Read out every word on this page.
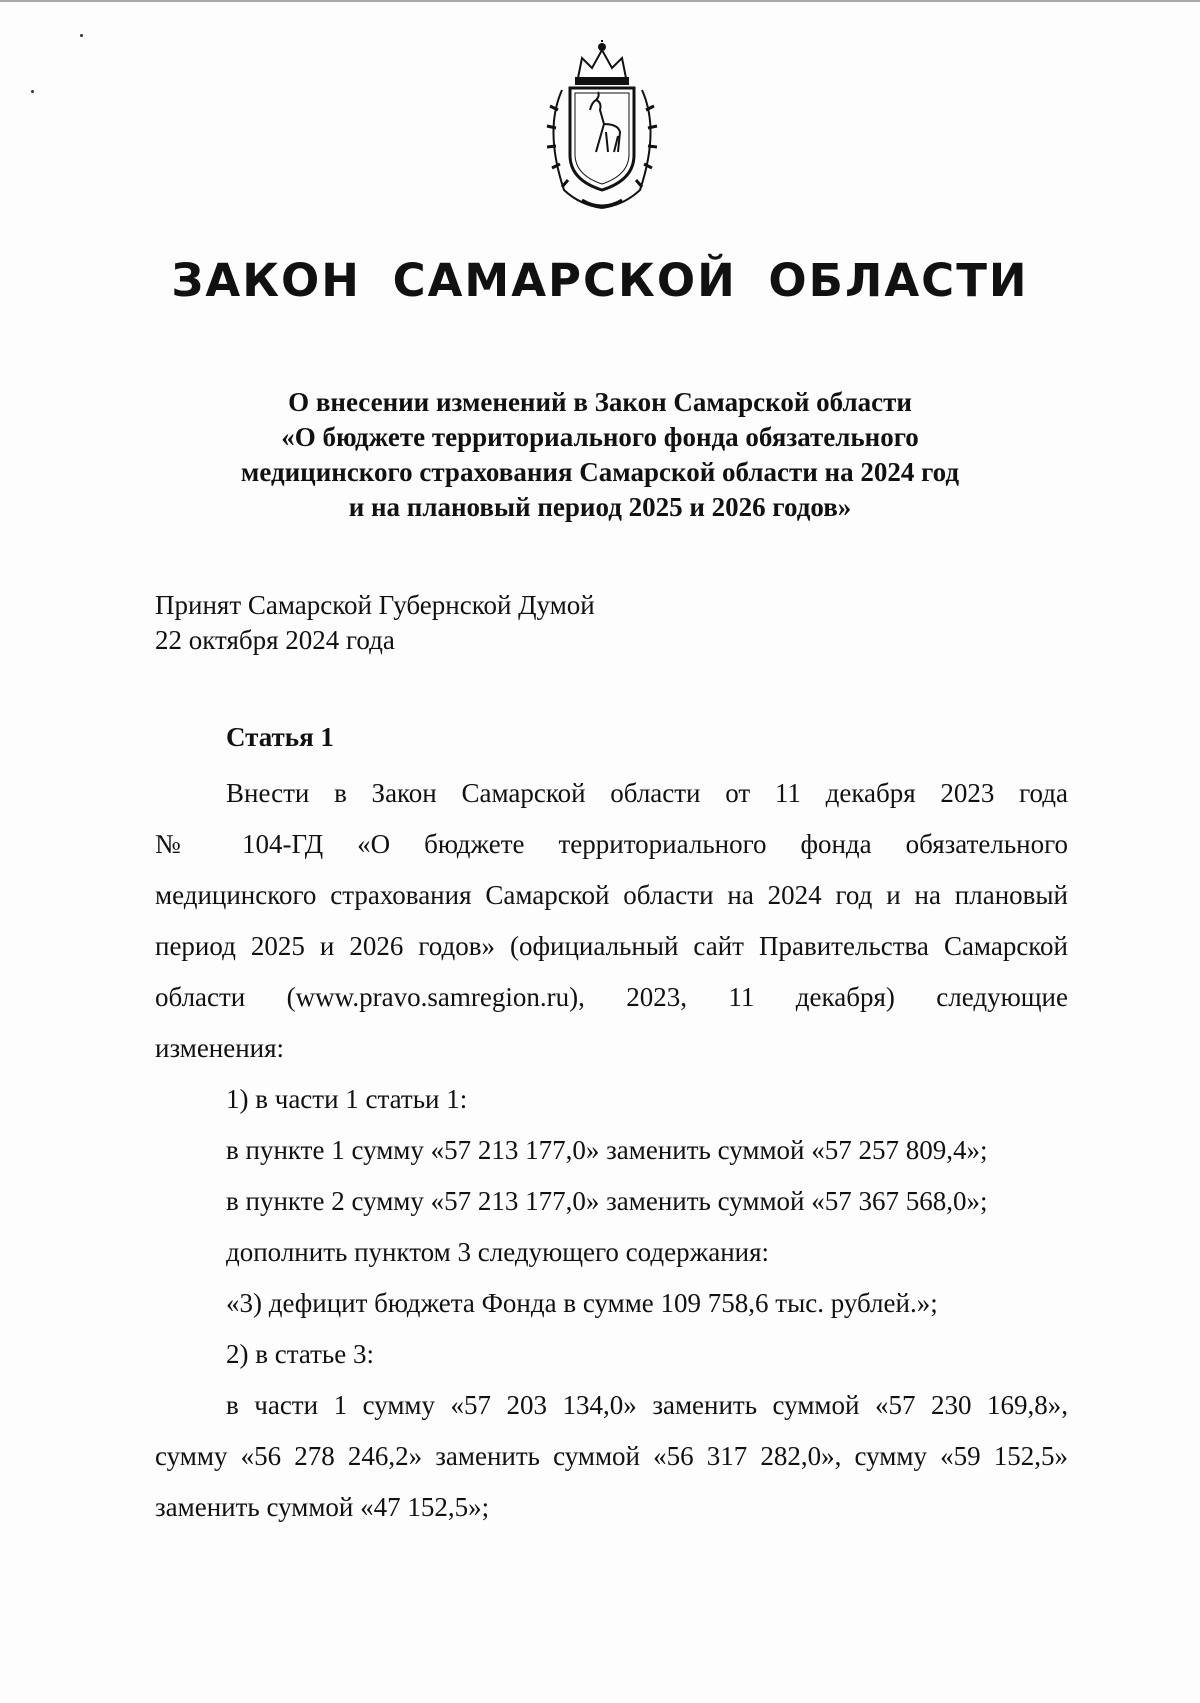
ЗАКОН САМАРСКОЙ ОБЛАСТИ
О внесении изменений в Закон Самарской области
«О бюджете территориального фонда обязательного
медицинского страхования Самарской области на 2024 год
и на плановый период 2025 и 2026 годов»
Принят Самарской Губернской Думой
22 октября 2024 года
Статья 1
Внести в Закон Самарской области от 11 декабря 2023 года
№ 104-ГД «О бюджете территориального фонда обязательного
медицинского страхования Самарской области на 2024 год и на плановый
период 2025 и 2026 годов» (официальный сайт Правительства Самарской
области (www.pravo.samregion.ru), 2023, 11 декабря) следующие
изменения:
1) в части 1 статьи 1:
в пункте 1 сумму «57 213 177,0» заменить суммой «57 257 809,4»;
в пункте 2 сумму «57 213 177,0» заменить суммой «57 367 568,0»;
дополнить пунктом 3 следующего содержания:
«3) дефицит бюджета Фонда в сумме 109 758,6 тыс. рублей.»;
2) в статье 3:
в части 1 сумму «57 203 134,0» заменить суммой «57 230 169,8»,
сумму «56 278 246,2» заменить суммой «56 317 282,0», сумму «59 152,5»
заменить суммой «47 152,5»;
